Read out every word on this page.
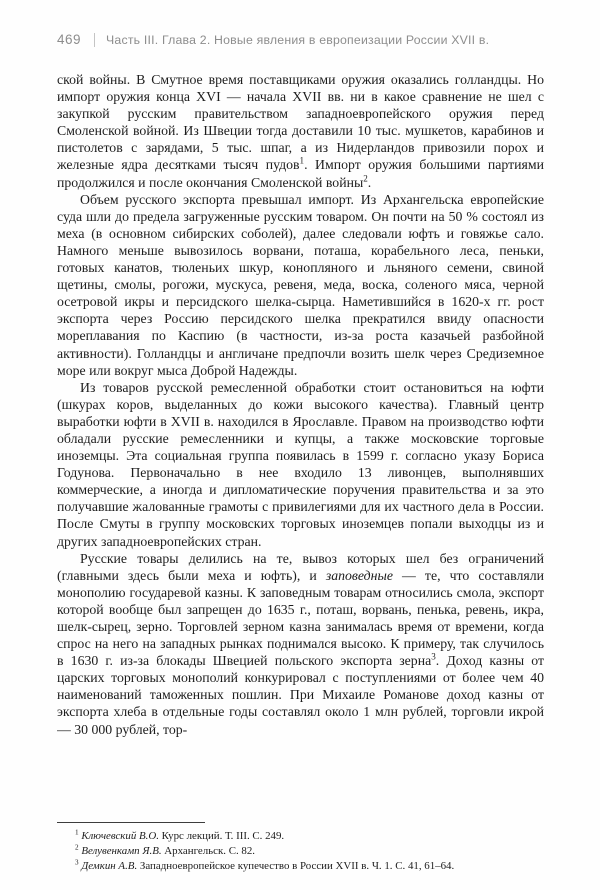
469 Часть III. Глава 2. Новые явления в европеизации России XVII в.

ской войны. В Смутное время поставщиками оружия оказались голландцы. Но импорт оружия конца XVI — начала XVII вв. ни в какое сравнение не шел с закупкой русским правительством западноевропейского оружия перед Смоленской войной. Из Швеции тогда доставили 10 тыс. мушкетов, карабинов и пистолетов с зарядами, 5 тыс. шпаг, а из Нидерландов привозили порох и железные ядра десятками тысяч пудов$^1$. Импорт оружия большими партиями продолжился и после окончания Смоленской войны$^2$.

Объем русского экспорта превышал импорт. Из Архангельска европейские суда шли до предела загруженные русским товаром. Он почти на 50 % состоял из меха (в основном сибирских соболей), далее следовали юфть и говяжье сало. Намного меньше вывозилось ворвани, поташа, корабельного леса, пеньки, готовых канатов, тюленьих шкур, конопляного и льняного семени, свиной щетины, смолы, рогожи, мускуса, ревеня, меда, воска, соленого мяса, черной осетровой икры и персидского шелка-сырца. Наметившийся в 1620-х гг. рост экспорта через Россию персидского шелка прекратился ввиду опасности мореплавания по Каспию (в частности, из-за роста казачьей разбойной активности). Голландцы и англичане предпочли возить шелк через Средиземное море или вокруг мыса Доброй Надежды.

Из товаров русской ремесленной обработки стоит остановиться на юфти (шкурах коров, выделанных до кожи высокого качества). Главный центр выработки юфти в XVII в. находился в Ярославле. Правом на производство юфти обладали русские ремесленники и купцы, а также московские торговые иноземцы. Эта социальная группа появилась в 1599 г. согласно указу Бориса Годунова. Первоначально в нее входило 13 ливонцев, выполнявших коммерческие, а иногда и дипломатические поручения правительства и за это получавшие жалованные грамоты с привилегиями для их частного дела в России. После Смуты в группу московских торговых иноземцев попали выходцы из и других западноевропейских стран.

Русские товары делились на те, вывоз которых шел без ограничений (главными здесь были меха и юфть), и заповедные — те, что составляли монополию государевой казны. К заповедным товарам относились смола, экспорт которой вообще был запрещен до 1635 г., поташ, ворвань, пенька, ревень, икра, шелк-сырец, зерно. Торговлей зерном казна занималась время от времени, когда спрос на него на западных рынках поднимался высоко. К примеру, так случилось в 1630 г. из-за блокады Швецией польского экспорта зерна$^3$. Доход казны от царских торговых монополий конкурировал с поступлениями от более чем 40 наименований таможенных пошлин. При Михаиле Романове доход казны от экспорта хлеба в отдельные годы составлял около 1 млн рублей, торговли икрой — 30 000 рублей, тор-

$^1$ Ключевский В.О. Курс лекций. Т. III. С. 249.
$^2$ Велувенкамп Я.В. Архангельск. С. 82.
$^3$ Демкин А.В. Западноевропейское купечество в России XVII в. Ч. 1. С. 41, 61–64.
